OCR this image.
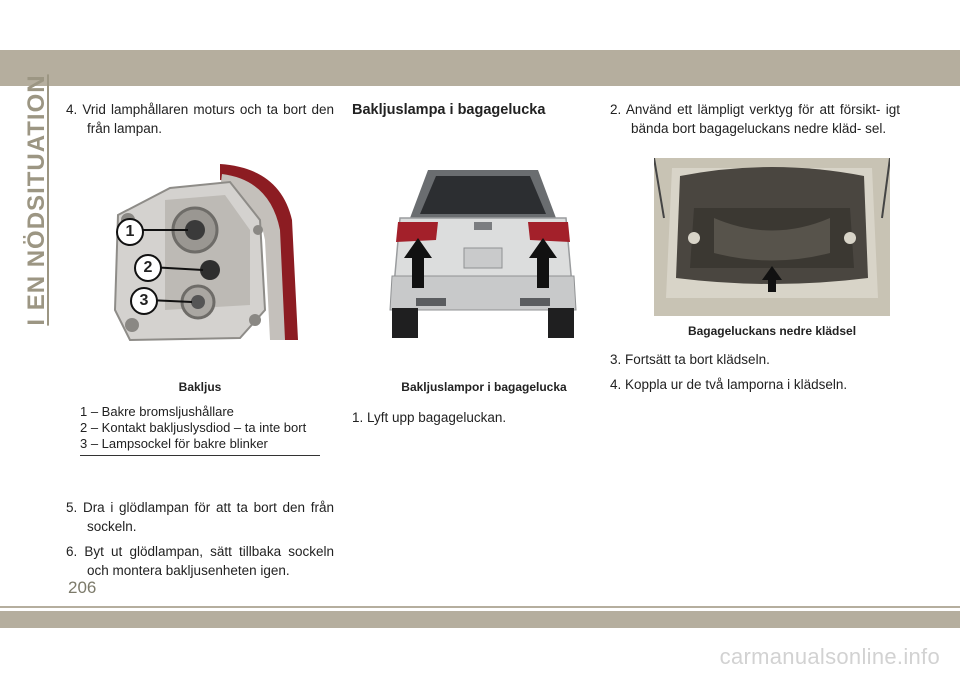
I EN NÖDSITUATION 4. Vrid lamphållaren moturs och ta bort den från lampan.

1
2
3
Bakljus
1 – Bakre bromsljushållare
2 – Kontakt bakljuslysdiod – ta inte bort
3 – Lampsockel för bakre blinker

5. Dra i glödlampan för att ta bort den från sockeln.

6. Byt ut glödlampan, sätt tillbaka sockeln och montera bakljusenheten igen.

Bakljuslampa i bagagelucka
Bakljuslampor i bagagelucka

1. Lyft upp bagageluckan.

2. Använd ett lämpligt verktyg för att försikt- igt bända bort bagageluckans nedre kläd- sel.

Bagageluckans nedre klädsel

3. Fortsätt ta bort klädseln.

4. Koppla ur de två lamporna i klädseln.

206
carmanualsonline.info
